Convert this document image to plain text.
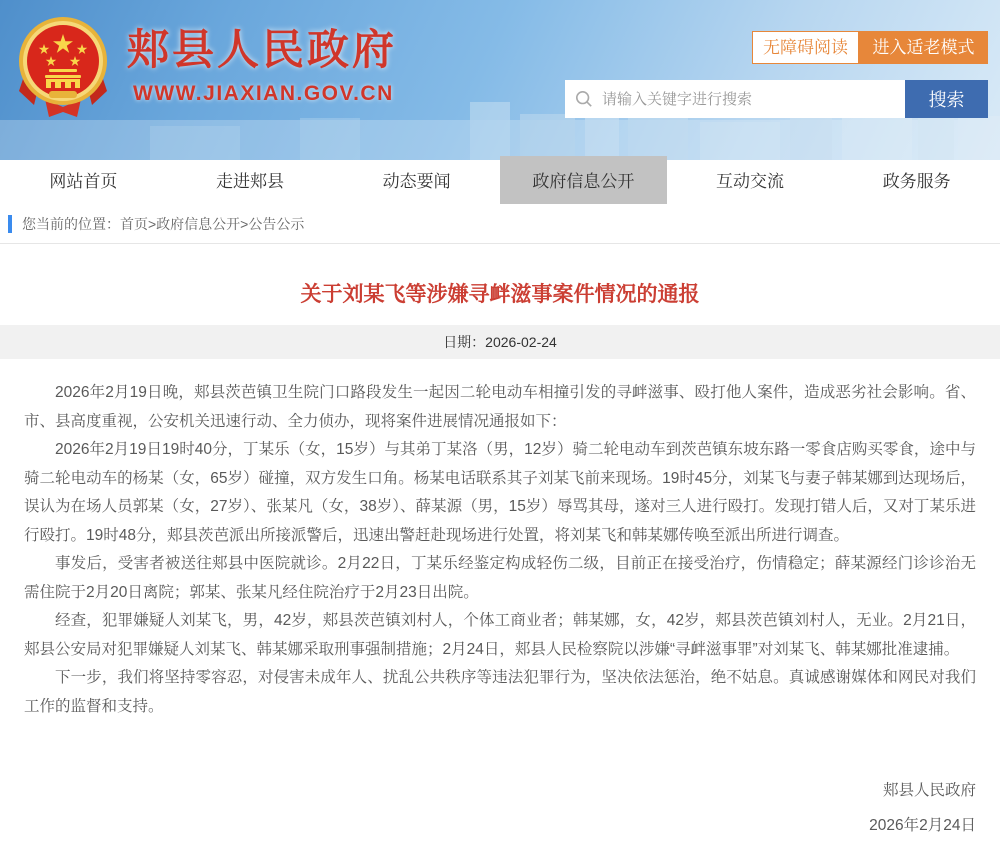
郏县人民政府
WWW.JIAXIAN.GOV.CN
无障碍阅读	进入适老模式
请输入关键字进行搜索
搜索
网站首页	走进郏县	动态要闻	政府信息公开	互动交流	政务服务
您当前的位置：首页>政府信息公开>公告公示
关于刘某飞等涉嫌寻衅滋事案件情况的通报
日期：2026-02-24

2026年2月19日晚，郏县茨芭镇卫生院门口路段发生一起因二轮电动车相撞引发的寻衅滋事、殴打他人案件，造成恶劣社会影响。省、市、县高度重视，公安机关迅速行动、全力侦办，现将案件进展情况通报如下：

2026年2月19日19时40分，丁某乐（女，15岁）与其弟丁某洛（男，12岁）骑二轮电动车到茨芭镇东坡东路一零食店购买零食，途中与骑二轮电动车的杨某（女，65岁）碰撞，双方发生口角。杨某电话联系其子刘某飞前来现场。19时45分，刘某飞与妻子韩某娜到达现场后，误认为在场人员郭某（女，27岁）、张某凡（女，38岁）、薛某源（男，15岁）辱骂其母，遂对三人进行殴打。发现打错人后，又对丁某乐进行殴打。19时48分，郏县茨芭派出所接派警后，迅速出警赶赴现场进行处置，将刘某飞和韩某娜传唤至派出所进行调查。

事发后，受害者被送往郏县中医院就诊。2月22日，丁某乐经鉴定构成轻伤二级，目前正在接受治疗，伤情稳定；薛某源经门诊诊治无需住院于2月20日离院；郭某、张某凡经住院治疗于2月23日出院。

经查，犯罪嫌疑人刘某飞，男，42岁，郏县茨芭镇刘村人，个体工商业者；韩某娜，女，42岁，郏县茨芭镇刘村人，无业。2月21日，郏县公安局对犯罪嫌疑人刘某飞、韩某娜采取刑事强制措施；2月24日，郏县人民检察院以涉嫌“寻衅滋事罪”对刘某飞、韩某娜批准逮捕。

下一步，我们将坚持零容忍，对侵害未成年人、扰乱公共秩序等违法犯罪行为，坚决依法惩治，绝不姑息。真诚感谢媒体和网民对我们工作的监督和支持。

郏县人民政府
2026年2月24日
